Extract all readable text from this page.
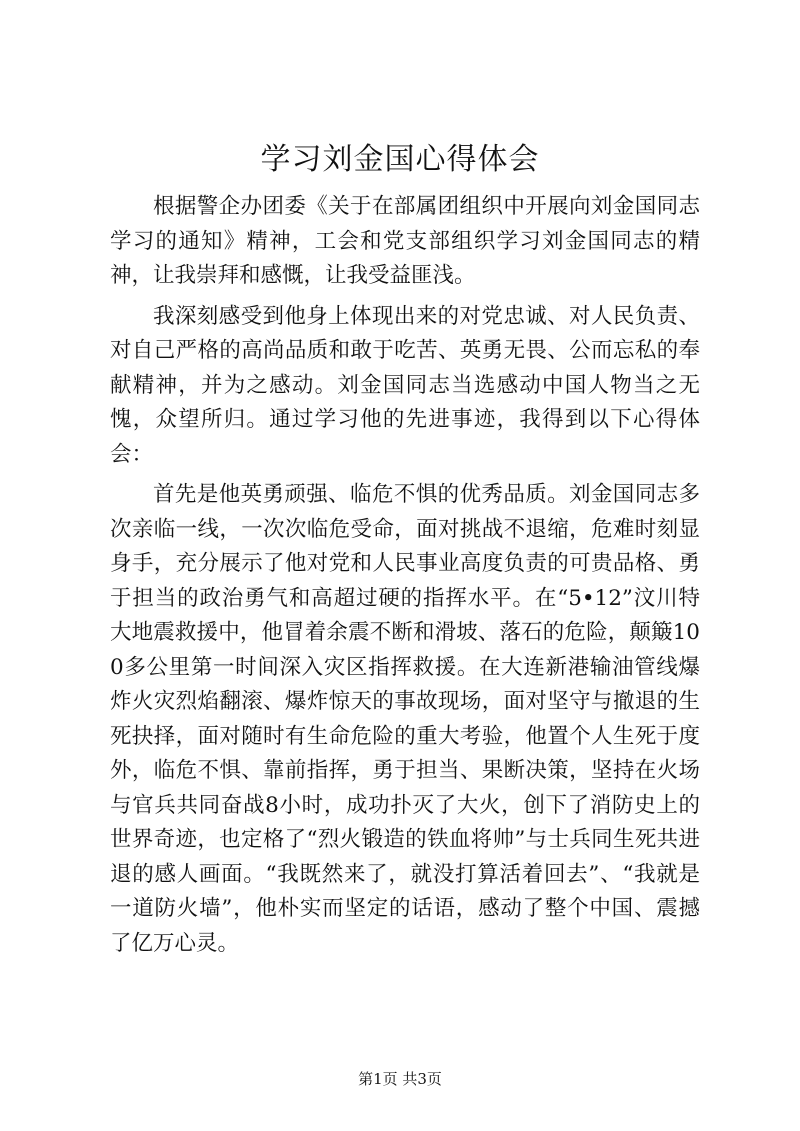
学习刘金国心得体会

根据警企办团委《关于在部属团组织中开展向刘金国同志学习的通知》精神，工会和党支部组织学习刘金国同志的精神，让我崇拜和感慨，让我受益匪浅。

我深刻感受到他身上体现出来的对党忠诚、对人民负责、对自己严格的高尚品质和敢于吃苦、英勇无畏、公而忘私的奉献精神，并为之感动。刘金国同志当选感动中国人物当之无愧，众望所归。通过学习他的先进事迹，我得到以下心得体会：

首先是他英勇顽强、临危不惧的优秀品质。刘金国同志多次亲临一线，一次次临危受命，面对挑战不退缩，危难时刻显身手，充分展示了他对党和人民事业高度负责的可贵品格、勇于担当的政治勇气和高超过硬的指挥水平。在“5•12”汶川特大地震救援中，他冒着余震不断和滑坡、落石的危险，颠簸100多公里第一时间深入灾区指挥救援。在大连新港输油管线爆炸火灾烈焰翻滚、爆炸惊天的事故现场，面对坚守与撤退的生死抉择，面对随时有生命危险的重大考验，他置个人生死于度外，临危不惧、靠前指挥，勇于担当、果断决策，坚持在火场与官兵共同奋战8小时，成功扑灭了大火，创下了消防史上的世界奇迹，也定格了“烈火锻造的铁血将帅”与士兵同生死共进退的感人画面。“我既然来了，就没打算活着回去”、“我就是一道防火墙”，他朴实而坚定的话语，感动了整个中国、震撼了亿万心灵。

第1页 共3页
